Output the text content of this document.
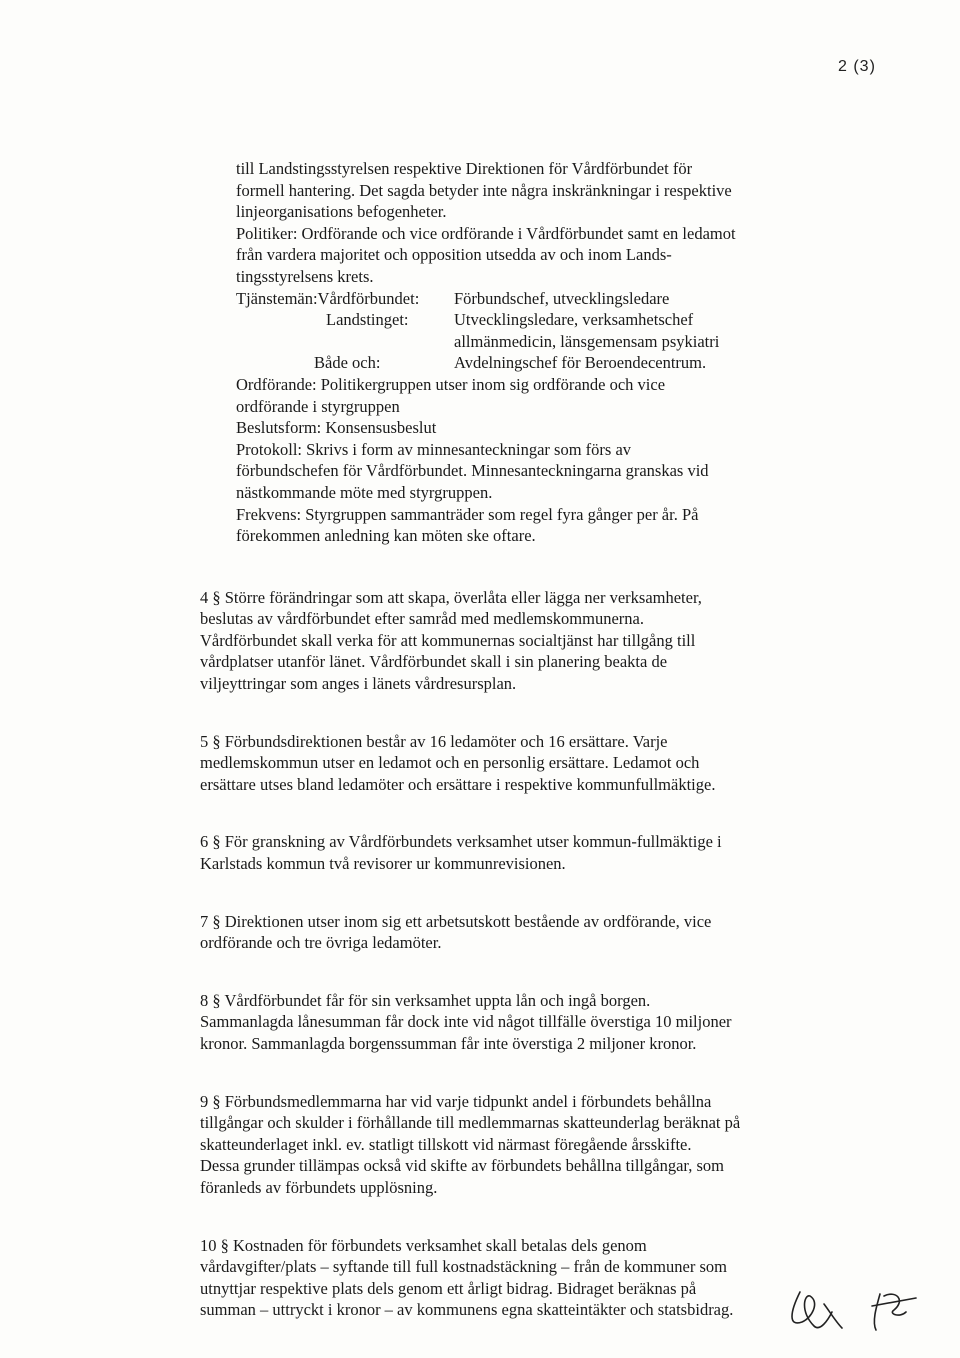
2 (3)
till Landstingsstyrelsen respektive Direktionen för Vårdförbundet för
formell hantering. Det sagda betyder inte några inskränkningar i respektive
linjeorganisations befogenheter.
Politiker: Ordförande och vice ordförande i Vårdförbundet samt en ledamot
från vardera majoritet och opposition utsedda av och inom Lands-
tingsstyrelsens krets.
Tjänstemän:Vårdförbundet:	Förbundschef, utvecklingsledare
Landstinget:	Utvecklingsledare, verksamhetschef
allmänmedicin, länsgemensam psykiatri
Både och:	Avdelningschef för Beroendecentrum.
Ordförande: Politikergruppen utser inom sig ordförande och vice
ordförande i styrgruppen
Beslutsform: Konsensusbeslut
Protokoll: Skrivs i form av minnesanteckningar som förs av
förbundschefen för Vårdförbundet. Minnesanteckningarna granskas vid
nästkommande möte med styrgruppen.
Frekvens: Styrgruppen sammanträder som regel fyra gånger per år. På
förekommen anledning kan möten ske oftare.
4 § Större förändringar som att skapa, överlåta eller lägga ner verksamheter,
beslutas av vårdförbundet efter samråd med medlemskommunerna.
Vårdförbundet skall verka för att kommunernas socialtjänst har tillgång till
vårdplatser utanför länet. Vårdförbundet skall i sin planering beakta de
viljeyttringar som anges i länets vårdresursplan.
5 § Förbundsdirektionen består av 16 ledamöter och 16 ersättare. Varje
medlemskommun utser en ledamot och en personlig ersättare. Ledamot och
ersättare utses bland ledamöter och ersättare i respektive kommunfullmäktige.
6 § För granskning av Vårdförbundets verksamhet utser kommun-fullmäktige i
Karlstads kommun två revisorer ur kommunrevisionen.
7 § Direktionen utser inom sig ett arbetsutskott bestående av ordförande, vice
ordförande och tre övriga ledamöter.
8 § Vårdförbundet får för sin verksamhet uppta lån och ingå borgen.
Sammanlagda lånesumman får dock inte vid något tillfälle överstiga 10 miljoner
kronor. Sammanlagda borgenssumman får inte överstiga 2 miljoner kronor.
9 § Förbundsmedlemmarna har vid varje tidpunkt andel i förbundets behållna
tillgångar och skulder i förhållande till medlemmarnas skatteunderlag beräknat på
skatteunderlaget inkl. ev. statligt tillskott vid närmast föregående årsskifte.
Dessa grunder tillämpas också vid skifte av förbundets behållna tillgångar, som
föranleds av förbundets upplösning.
10 § Kostnaden för förbundets verksamhet skall betalas dels genom
vårdavgifter/plats – syftande till full kostnadstäckning – från de kommuner som
utnyttjar respektive plats dels genom ett årligt bidrag. Bidraget beräknas på
summan – uttryckt i kronor – av kommunens egna skatteintäkter och statsbidrag.
